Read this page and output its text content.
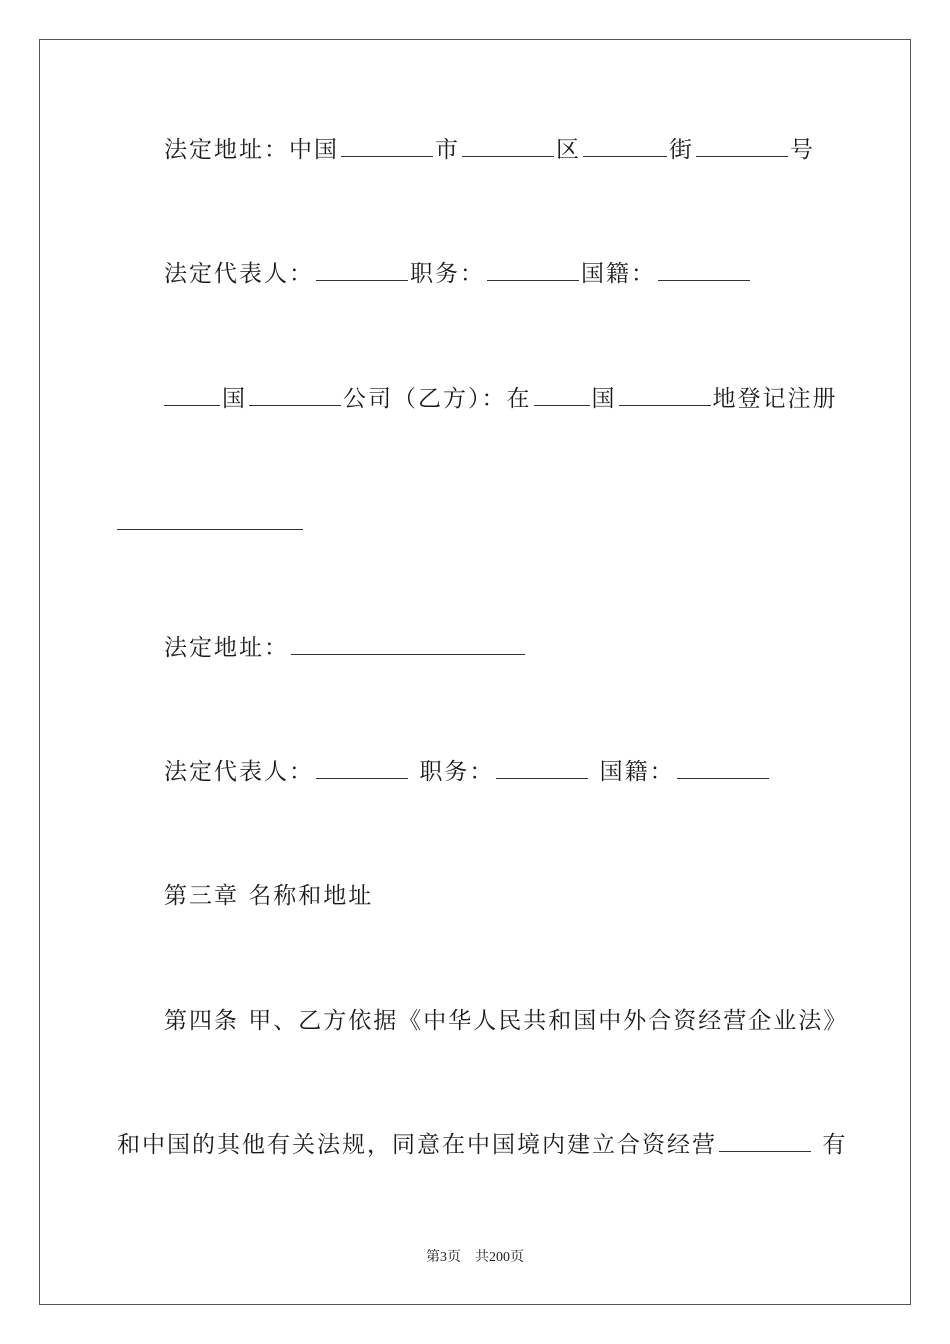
法定地址：中国	市	区	街	号
法定代表人：	职务：	国籍：
国	公司（乙方）：在	国	地登记注册
法定地址：
法定代表人：	职务：	国籍：
第三章 名称和地址
第四条 甲、乙方依据《中华人民共和国中外合资经营企业法》
和中国的其他有关法规，同意在中国境内建立合资经营	有
第3页 共200页
